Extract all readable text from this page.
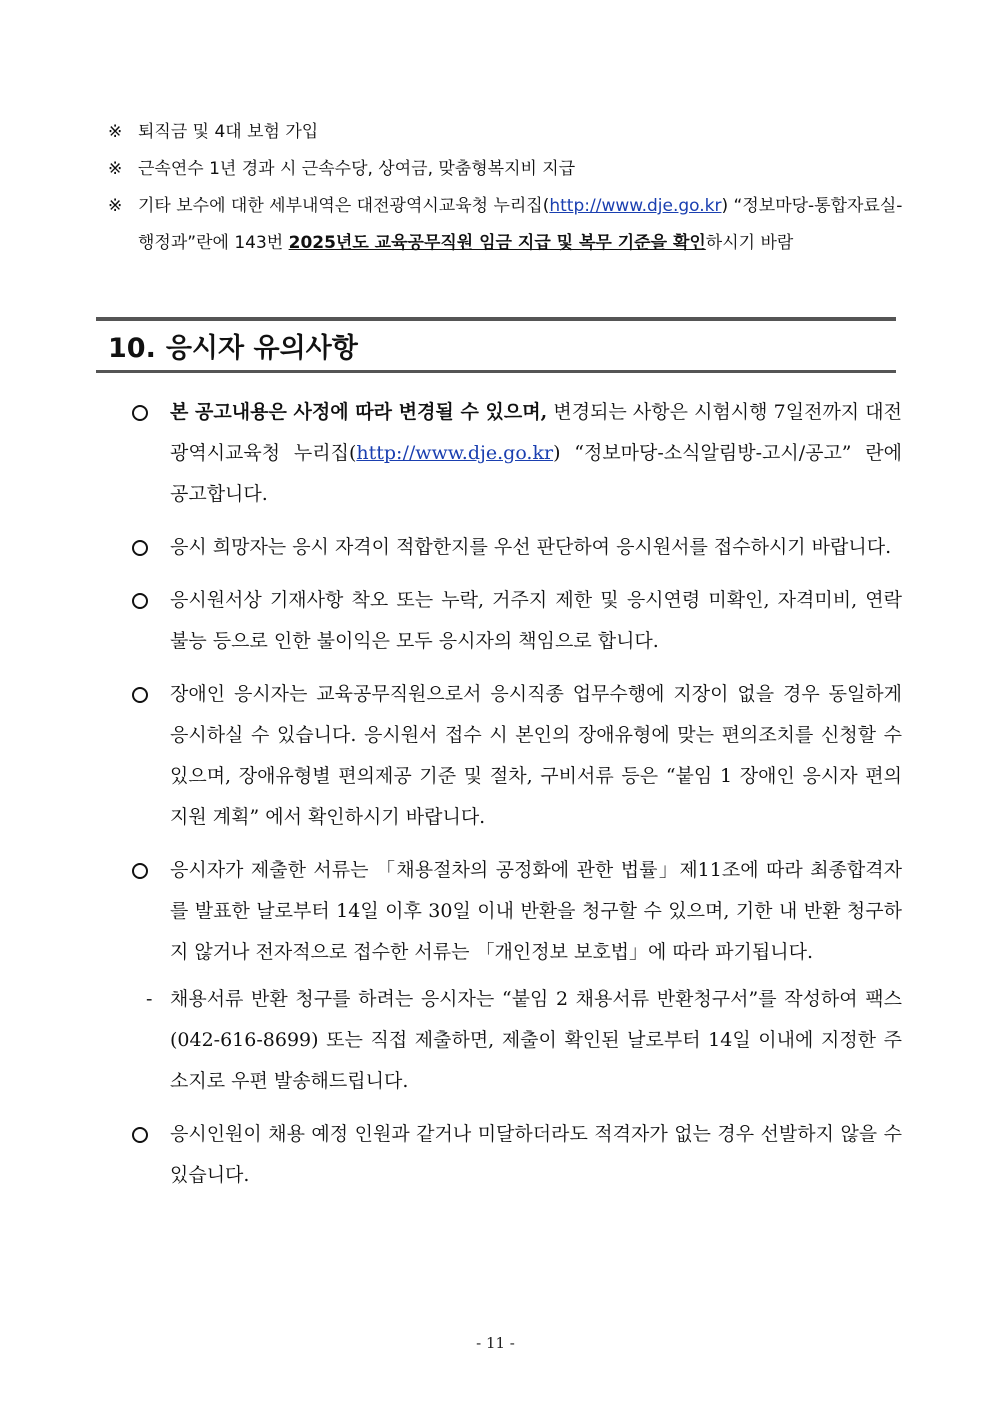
※ 퇴직금 및 4대 보험 가입
※ 근속연수 1년 경과 시 근속수당, 상여금, 맞춤형복지비 지급
※ 기타 보수에 대한 세부내역은 대전광역시교육청 누리집(http://www.dje.go.kr) “정보마당-통합자료실-행정과”란에 143번 2025년도 교육공무직원 임금 지급 및 복무 기준을 확인하시기 바람
10. 응시자 유의사항
본 공고내용은 사정에 따라 변경될 수 있으며, 변경되는 사항은 시험시행 7일전까지 대전광역시교육청 누리집(http://www.dje.go.kr) “정보마당-소식알림방-고시/공고” 란에 공고합니다.
응시 희망자는 응시 자격이 적합한지를 우선 판단하여 응시원서를 접수하시기 바랍니다.
응시원서상 기재사항 착오 또는 누락, 거주지 제한 및 응시연령 미확인, 자격미비, 연락 불능 등으로 인한 불이익은 모두 응시자의 책임으로 합니다.
장애인 응시자는 교육공무직원으로서 응시직종 업무수행에 지장이 없을 경우 동일하게 응시하실 수 있습니다. 응시원서 접수 시 본인의 장애유형에 맞는 편의조치를 신청할 수 있으며, 장애유형별 편의제공 기준 및 절차, 구비서류 등은 “붙임 1 장애인 응시자 편의 지원 계획” 에서 확인하시기 바랍니다.
응시자가 제출한 서류는 「채용절차의 공정화에 관한 법률」제11조에 따라 최종합격자를 발표한 날로부터 14일 이후 30일 이내 반환을 청구할 수 있으며, 기한 내 반환 청구하지 않거나 전자적으로 접수한 서류는 「개인정보 보호법」에 따라 파기됩니다.
- 채용서류 반환 청구를 하려는 응시자는 “붙임 2 채용서류 반환청구서”를 작성하여 팩스(042-616-8699) 또는 직접 제출하면, 제출이 확인된 날로부터 14일 이내에 지정한 주소지로 우편 발송해드립니다.
응시인원이 채용 예정 인원과 같거나 미달하더라도 적격자가 없는 경우 선발하지 않을 수 있습니다.
- 11 -
